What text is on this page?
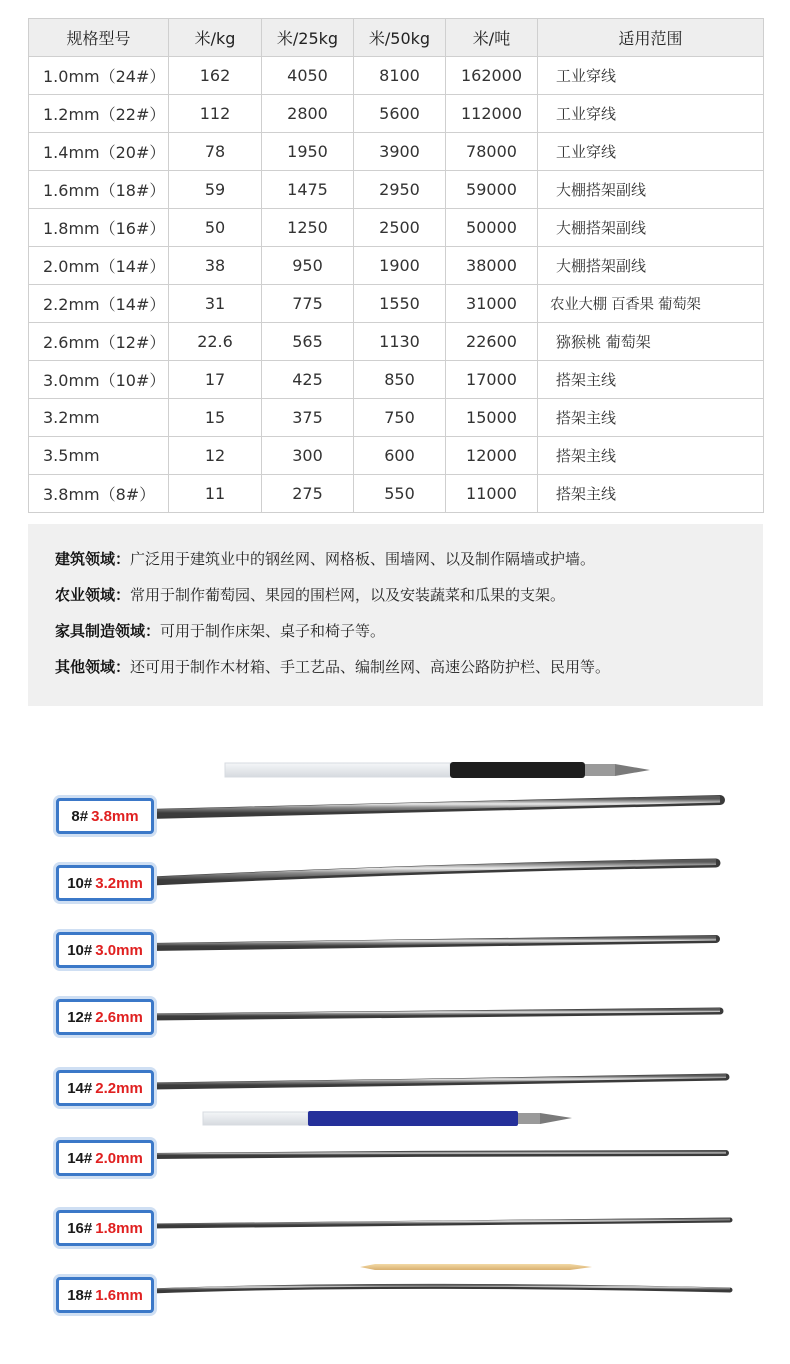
规格型号	米/kg	米/25kg	米/50kg	米/吨	适用范围
1.0mm（24#）	162	4050	8100	162000	工业穿线
1.2mm（22#）	112	2800	5600	112000	工业穿线
1.4mm（20#）	78	1950	3900	78000	工业穿线
1.6mm（18#）	59	1475	2950	59000	大棚搭架副线
1.8mm（16#）	50	1250	2500	50000	大棚搭架副线
2.0mm（14#）	38	950	1900	38000	大棚搭架副线
2.2mm（14#）	31	775	1550	31000	农业大棚 百香果 葡萄架
2.6mm（12#）	22.6	565	1130	22600	猕猴桃 葡萄架
3.0mm（10#）	17	425	850	17000	搭架主线
3.2mm	15	375	750	15000	搭架主线
3.5mm	12	300	600	12000	搭架主线
3.8mm（8#）	11	275	550	11000	搭架主线
建筑领域：广泛用于建筑业中的钢丝网、网格板、围墙网、以及制作隔墙或护墙。
农业领域：常用于制作葡萄园、果园的围栏网，以及安装蔬菜和瓜果的支架。
家具制造领域：可用于制作床架、桌子和椅子等。
其他领域：还可用于制作木材箱、手工艺品、编制丝网、高速公路防护栏、民用等。
8# 3.8mm
10# 3.2mm
10# 3.0mm
12# 2.6mm
14# 2.2mm
14# 2.0mm
16# 1.8mm
18# 1.6mm
